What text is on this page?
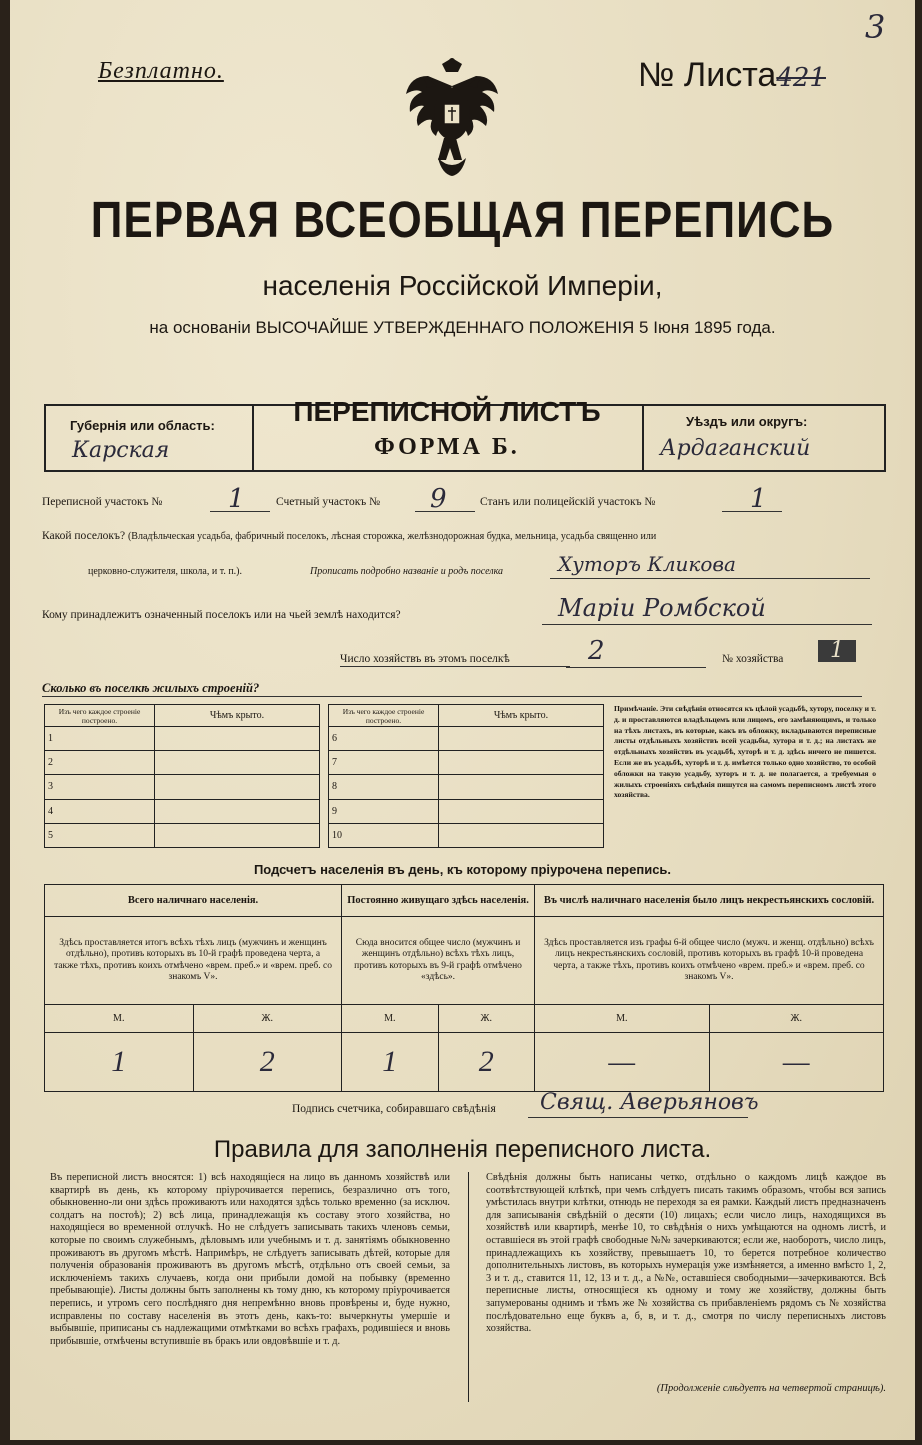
Безплатно.	№ Листа421
3
ПЕРВАЯ ВСЕОБЩАЯ ПЕРЕПИСЬ
населенія Россійской Имперіи,
на основаніи ВЫСОЧАЙШЕ УТВЕРЖДЕННАГО ПОЛОЖЕНІЯ 5 Іюня 1895 года.
Губернія или область:
Карская
ПЕРЕПИСНОЙ ЛИСТЪ
ФОРМА Б.
Уѣздъ или округъ:
Ардаганский
Переписной участокъ №	1	Счетный участокъ № 9	Станъ или полицейскій участокъ №	1
Какой поселокъ? (Владѣльческая усадьба, фабричный поселокъ, лѣсная сторожка, желѣзнодорожная будка, мельница, усадьба священно или
церковно-служителя, школа, и т. п.).	Прописать подробно названіе и родъ поселка	Хуторъ Кликова
Кому принадлежитъ означенный поселокъ или на чьей землѣ находится?	Маріи Ромбской
Число хозяйствъ въ этомъ поселкѣ	2	№ хозяйства	1
Сколько въ поселкѣ жилыхъ строеній?
Изъ чего каждое строеніе построено.	Чѣмъ крыто.
1	
2	
3	
4	
5	
Изъ чего каждое строеніе построено.	Чѣмъ крыто.
6	
7	
8	
9	
10	
Примѣчаніе. Эти свѣдѣнія относятся къ цѣлой усадьбѣ, хутору, поселку и т. д. и проставляются владѣльцемъ или лицомъ, его замѣняющимъ, и только на тѣхъ листахъ, въ которые, какъ въ обложку, вкладываются переписные листы отдѣльныхъ хозяйствъ всей усадьбы, хутора и т. д.; на листахъ же отдѣльныхъ хозяйствъ въ усадьбѣ, хуторѣ и т. д. здѣсь ничего не пишется. Если же въ усадьбѣ, хуторѣ и т. д. имѣется только одно хозяйство, то особой обложки на такую усадьбу, хуторъ и т. д. не полагается, а требуемыя о жилыхъ строеніяхъ свѣдѣнія пишутся на самомъ переписномъ листѣ этого хозяйства.
Подсчетъ населенія въ день, къ которому пріурочена перепись.
Всего наличнаго населенія.		Постоянно живущаго здѣсь населенія.		Въ числѣ наличнаго населенія было лицъ некрестьянскихъ сословій.	
Здѣсь проставляется итогъ всѣхъ тѣхъ лицъ (мужчинъ и женщинъ отдѣльно), противъ которыхъ въ 10-й графѣ проведена черта, а также тѣхъ, противъ коихъ отмѣчено «врем. преб.» и «врем. преб. со знакомъ V».		Сюда вносится общее число (мужчинъ и женщинъ отдѣльно) всѣхъ тѣхъ лицъ, противъ которыхъ въ 9-й графѣ отмѣчено «здѣсь».		Здѣсь проставляется изъ графы 6-й общее число (мужч. и женщ. отдѣльно) всѣхъ лицъ некрестьянскихъ сословій, противъ которыхъ въ графѣ 10-й проведена черта, а также тѣхъ, противъ коихъ отмѣчено «врем. преб.» и «врем. преб. со знакомъ V».	
М.	Ж.	М.	Ж.	М.	Ж.
1	2	1	2	—	—
Подпись счетчика, собиравшаго свѣдѣнія Свящ. Аверьяновъ
Правила для заполненія переписного листа.
Въ переписной листъ вносятся: 1) всѣ находящіеся на лицо въ данномъ хозяйствѣ или квартирѣ въ день, къ которому пріурочивается перепись, безразлично отъ того, обыкновенно-ли они здѣсь проживаютъ или находятся здѣсь только временно (за исключ. солдатъ на постоѣ); 2) всѣ лица, принадлежащія къ составу этого хозяйства, но находящіеся во временной отлучкѣ. Но не слѣдуетъ записывать такихъ членовъ семьи, которые по своимъ служебнымъ, дѣловымъ или учебнымъ и т. д. занятіямъ обыкновенно проживаютъ въ другомъ мѣстѣ. Напримѣръ, не слѣдуетъ записывать дѣтей, которые для полученія образованія проживаютъ въ другомъ мѣстѣ, отдѣльно отъ своей семьи, за исключеніемъ такихъ случаевъ, когда они прибыли домой на побывку (временно пребывающіе). Листы должны быть заполнены къ тому дню, къ которому пріурочивается перепись, и утромъ сего послѣдняго дня непремѣнно вновь провѣрены и, буде нужно, исправлены по составу населенія въ этотъ день, какъ-то: вычеркнуты умершіе и выбывшіе, приписаны съ надлежащими отмѣтками во всѣхъ графахъ, родившіеся и вновь прибывшіе, отмѣчены вступившіе въ бракъ или овдовѣвшіе и т. д.
Свѣдѣнія должны быть написаны четко, отдѣльно о каждомъ лицѣ каждое въ соотвѣтствующей клѣткѣ, при чемъ слѣдуетъ писать такимъ образомъ, чтобы вся запись умѣстилась внутри клѣтки, отнюдь не переходя за ея рамки. Каждый листъ предназначенъ для записыванія свѣдѣній о десяти (10) лицахъ; если число лицъ, находящихся въ хозяйствѣ или квартирѣ, менѣе 10, то свѣдѣнія о нихъ умѣщаются на одномъ листѣ, и оставшіеся въ этой графѣ свободные №№ зачеркиваются; если же, наоборотъ, число лицъ, принадлежащихъ къ хозяйству, превышаетъ 10, то берется потребное количество дополнительныхъ листовъ, въ которыхъ нумерація уже измѣняется, а именно вмѣсто 1, 2, 3 и т. д., ставится 11, 12, 13 и т. д., а №№, оставшіеся свободными—зачеркиваются. Всѣ переписные листы, относящіеся къ одному и тому же хозяйству, должны быть запумерованы однимъ и тѣмъ же № хозяйства съ прибавленіемъ рядомъ съ № хозяйства послѣдовательно еще буквъ а, б, в, и т. д., смотря по числу переписныхъ листовъ хозяйства.
(Продолженіе слѣдуетъ на четвертой страницѣ).
